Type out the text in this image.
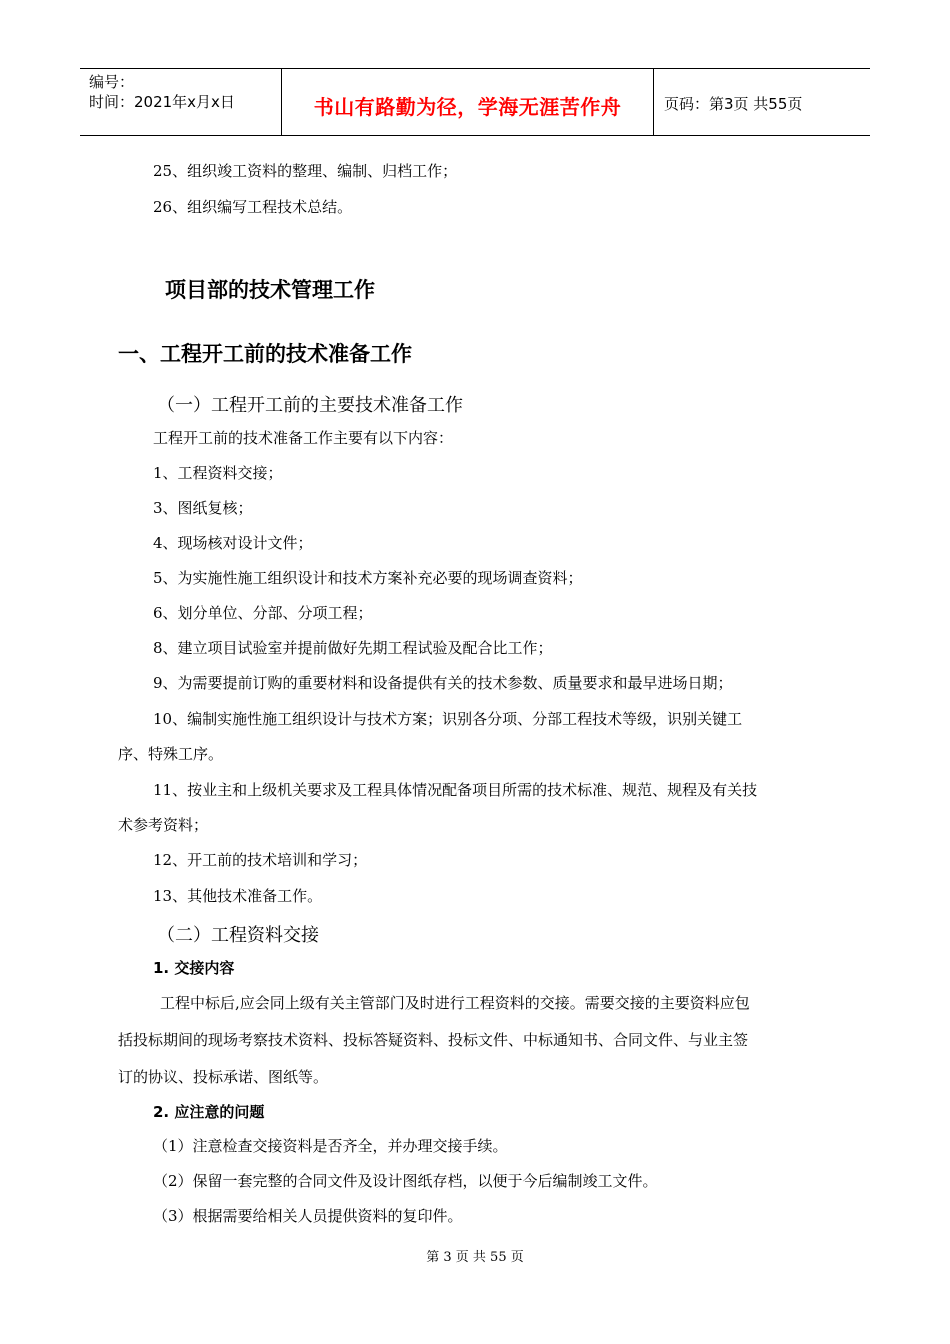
编号：
时间：2021年x月x日	书山有路勤为径，学海无涯苦作舟	页码：第3页 共55页
25、组织竣工资料的整理、编制、归档工作；
26、组织编写工程技术总结。
项目部的技术管理工作
一、工程开工前的技术准备工作
（一）工程开工前的主要技术准备工作
工程开工前的技术准备工作主要有以下内容：
1、工程资料交接；
3、图纸复核；
4、现场核对设计文件；
5、为实施性施工组织设计和技术方案补充必要的现场调查资料；
6、划分单位、分部、分项工程；
8、建立项目试验室并提前做好先期工程试验及配合比工作；
9、为需要提前订购的重要材料和设备提供有关的技术参数、质量要求和最早进场日期；
10、编制实施性施工组织设计与技术方案；识别各分项、分部工程技术等级，识别关键工
序、特殊工序。
11、按业主和上级机关要求及工程具体情况配备项目所需的技术标准、规范、规程及有关技
术参考资料；
12、开工前的技术培训和学习；
13、其他技术准备工作。
（二）工程资料交接
1. 交接内容
工程中标后,应会同上级有关主管部门及时进行工程资料的交接。需要交接的主要资料应包
括投标期间的现场考察技术资料、投标答疑资料、投标文件、中标通知书、合同文件、与业主签
订的协议、投标承诺、图纸等。
2. 应注意的问题
（1）注意检查交接资料是否齐全，并办理交接手续。
（2）保留一套完整的合同文件及设计图纸存档，以便于今后编制竣工文件。
（3）根据需要给相关人员提供资料的复印件。
第 3 页 共 55 页
